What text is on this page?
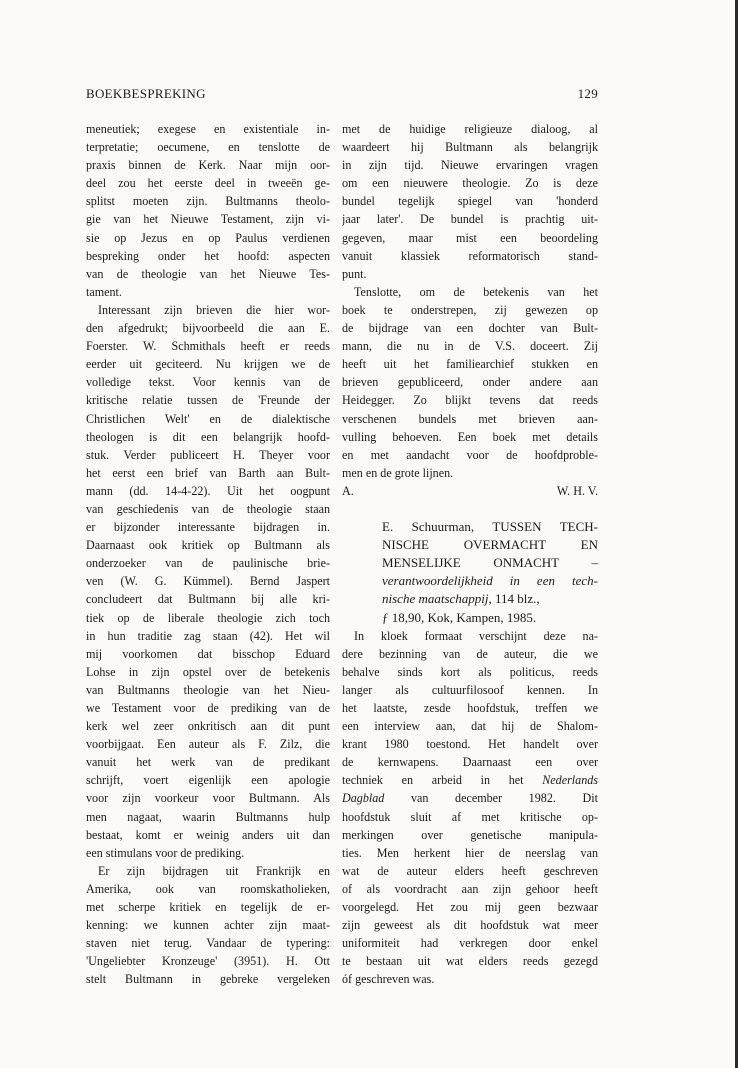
BOEKBESPREKING	129
meneutiek; exegese en existentiale in-
terpretatie; oecumene, en tenslotte de
praxis binnen de Kerk. Naar mijn oor-
deel zou het eerste deel in tweeën ge-
splitst moeten zijn. Bultmanns theolo-
gie van het Nieuwe Testament, zijn vi-
sie op Jezus en op Paulus verdienen
bespreking onder het hoofd: aspecten
van de theologie van het Nieuwe Tes-
tament.
Interessant zijn brieven die hier wor-
den afgedrukt; bijvoorbeeld die aan E.
Foerster. W. Schmithals heeft er reeds
eerder uit geciteerd. Nu krijgen we de
volledige tekst. Voor kennis van de
kritische relatie tussen de 'Freunde der
Christlichen Welt' en de dialektische
theologen is dit een belangrijk hoofd-
stuk. Verder publiceert H. Theyer voor
het eerst een brief van Barth aan Bult-
mann (dd. 14-4-22). Uit het oogpunt
van geschiedenis van de theologie staan
er bijzonder interessante bijdragen in.
Daarnaast ook kritiek op Bultmann als
onderzoeker van de paulinische brie-
ven (W. G. Kümmel). Bernd Jaspert
concludeert dat Bultmann bij alle kri-
tiek op de liberale theologie zich toch
in hun traditie zag staan (42). Het wil
mij voorkomen dat bisschop Eduard
Lohse in zijn opstel over de betekenis
van Bultmanns theologie van het Nieu-
we Testament voor de prediking van de
kerk wel zeer onkritisch aan dit punt
voorbijgaat. Een auteur als F. Zilz, die
vanuit het werk van de predikant
schrijft, voert eigenlijk een apologie
voor zijn voorkeur voor Bultmann. Als
men nagaat, waarin Bultmanns hulp
bestaat, komt er weinig anders uit dan
een stimulans voor de prediking.
Er zijn bijdragen uit Frankrijk en
Amerika, ook van roomskatholieken,
met scherpe kritiek en tegelijk de er-
kenning: we kunnen achter zijn maat-
staven niet terug. Vandaar de typering:
'Ungeliebter Kronzeuge' (3951). H. Ott
stelt Bultmann in gebreke vergeleken
met de huidige religieuze dialoog, al
waardeert hij Bultmann als belangrijk
in zijn tijd. Nieuwe ervaringen vragen
om een nieuwere theologie. Zo is deze
bundel tegelijk spiegel van 'honderd
jaar later'. De bundel is prachtig uit-
gegeven, maar mist een beoordeling
vanuit klassiek reformatorisch stand-
punt.
Tenslotte, om de betekenis van het
boek te onderstrepen, zij gewezen op
de bijdrage van een dochter van Bult-
mann, die nu in de V.S. doceert. Zij
heeft uit het familiearchief stukken en
brieven gepubliceerd, onder andere aan
Heidegger. Zo blijkt tevens dat reeds
verschenen bundels met brieven aan-
vulling behoeven. Een boek met details
en met aandacht voor de hoofdproble-
men en de grote lijnen.
A.	W. H. V.
E. Schuurman, TUSSEN TECH-
NISCHE OVERMACHT EN
MENSELIJKE ONMACHT –
verantwoordelijkheid in een tech-
nische maatschappij, 114 blz.,
ƒ 18,90, Kok, Kampen, 1985.
In kloek formaat verschijnt deze na-
dere bezinning van de auteur, die we
behalve sinds kort als politicus, reeds
langer als cultuurfilosoof kennen. In
het laatste, zesde hoofdstuk, treffen we
een interview aan, dat hij de Shalom-
krant 1980 toestond. Het handelt over
de kernwapens. Daarnaast een over
techniek en arbeid in het Nederlands
Dagblad van december 1982. Dit
hoofdstuk sluit af met kritische op-
merkingen over genetische manipula-
ties. Men herkent hier de neerslag van
wat de auteur elders heeft geschreven
of als voordracht aan zijn gehoor heeft
voorgelegd. Het zou mij geen bezwaar
zijn geweest als dit hoofdstuk wat meer
uniformiteit had verkregen door enkel
te bestaan uit wat elders reeds gezegd
óf geschreven was.
